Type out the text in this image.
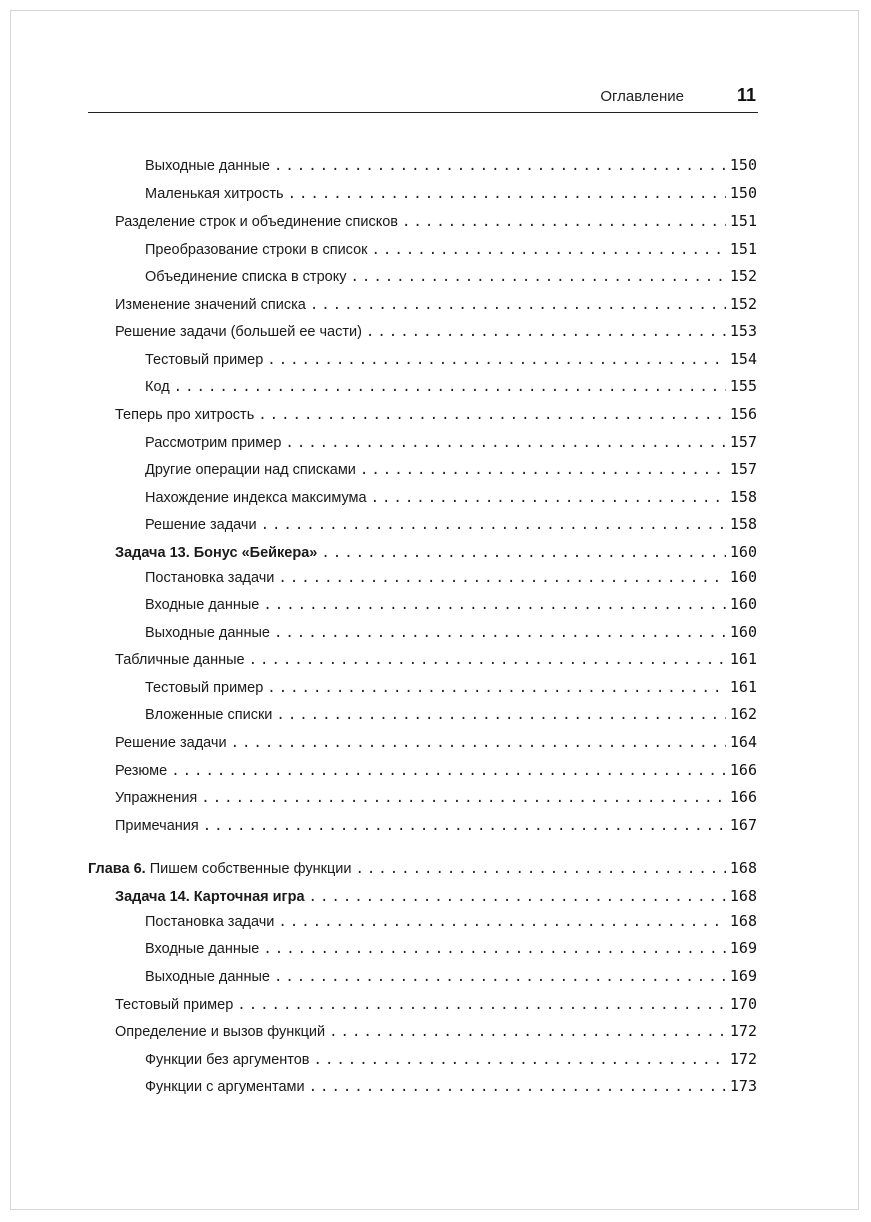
Оглавление	11
Выходные данные .....	150
Маленькая хитрость .....	150
Разделение строк и объединение списков .....	151
Преобразование строки в список .....	151
Объединение списка в строку .....	152
Изменение значений списка .....	152
Решение задачи (большей ее части) .....	153
Тестовый пример .....	154
Код .....	155
Теперь про хитрость .....	156
Рассмотрим пример .....	157
Другие операции над списками .....	157
Нахождение индекса максимума .....	158
Решение задачи .....	158
Задача 13. Бонус «Бейкера» .....	160
Постановка задачи .....	160
Входные данные .....	160
Выходные данные .....	160
Табличные данные .....	161
Тестовый пример .....	161
Вложенные списки .....	162
Решение задачи .....	164
Резюме .....	166
Упражнения .....	166
Примечания .....	167
Глава 6. Пишем собственные функции .....	168
Задача 14. Карточная игра .....	168
Постановка задачи .....	168
Входные данные .....	169
Выходные данные .....	169
Тестовый пример .....	170
Определение и вызов функций .....	172
Функции без аргументов .....	172
Функции с аргументами .....	173
